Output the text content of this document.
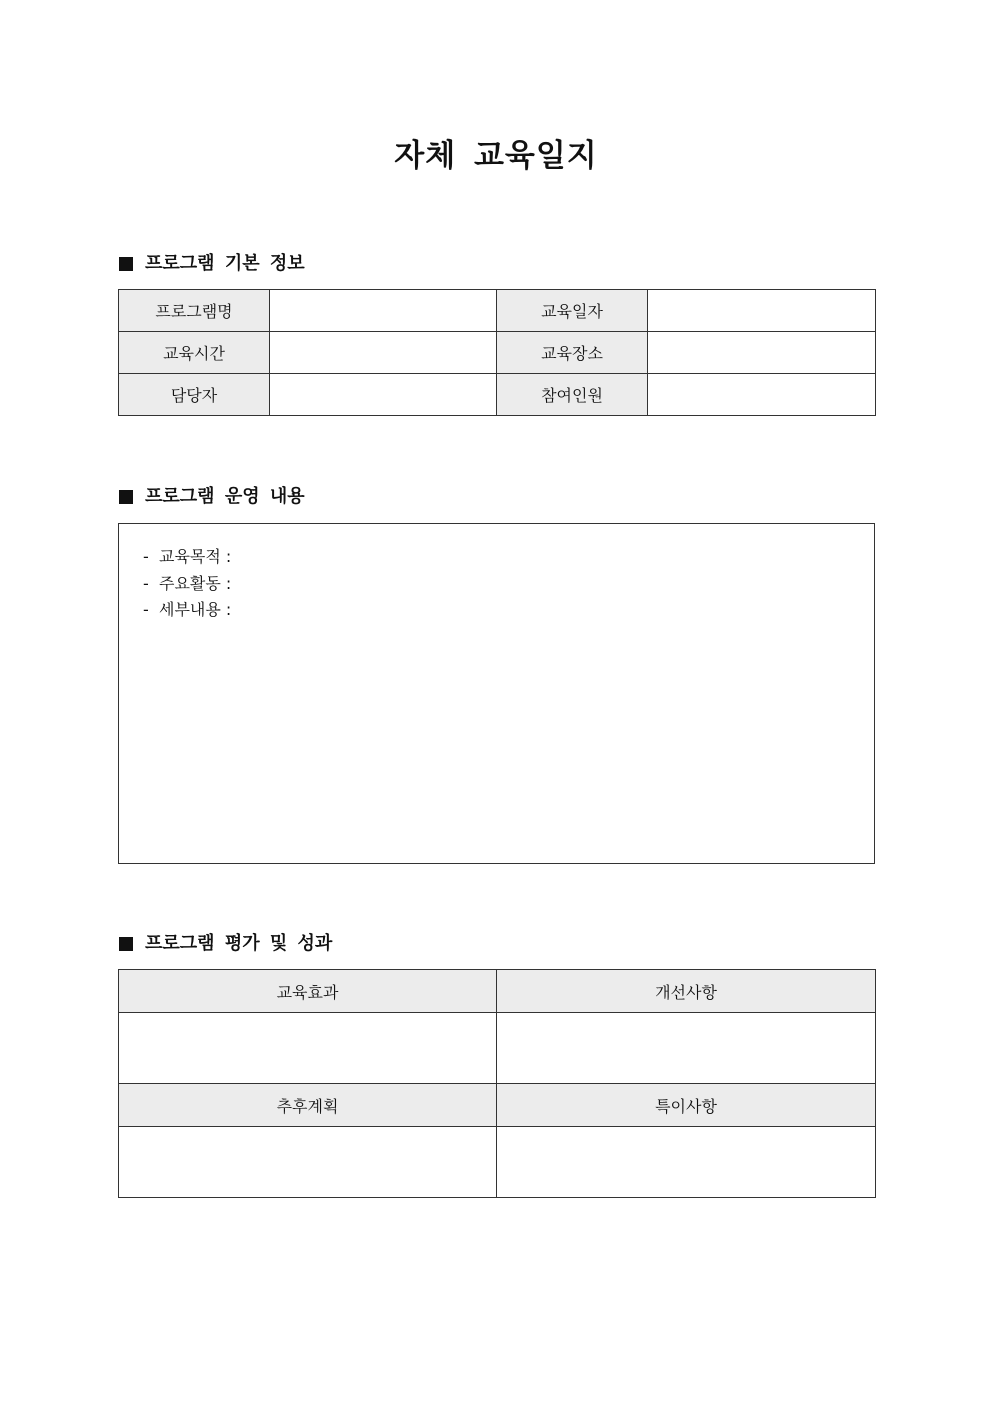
자체 교육일지
프로그램 기본 정보
프로그램명		교육일자	
교육시간		교육장소	
담당자		참여인원	
프로그램 운영 내용
- 교육목적 :
- 주요활동 :
- 세부내용 :
프로그램 평가 및 성과
교육효과	개선사항

추후계획	특이사항
